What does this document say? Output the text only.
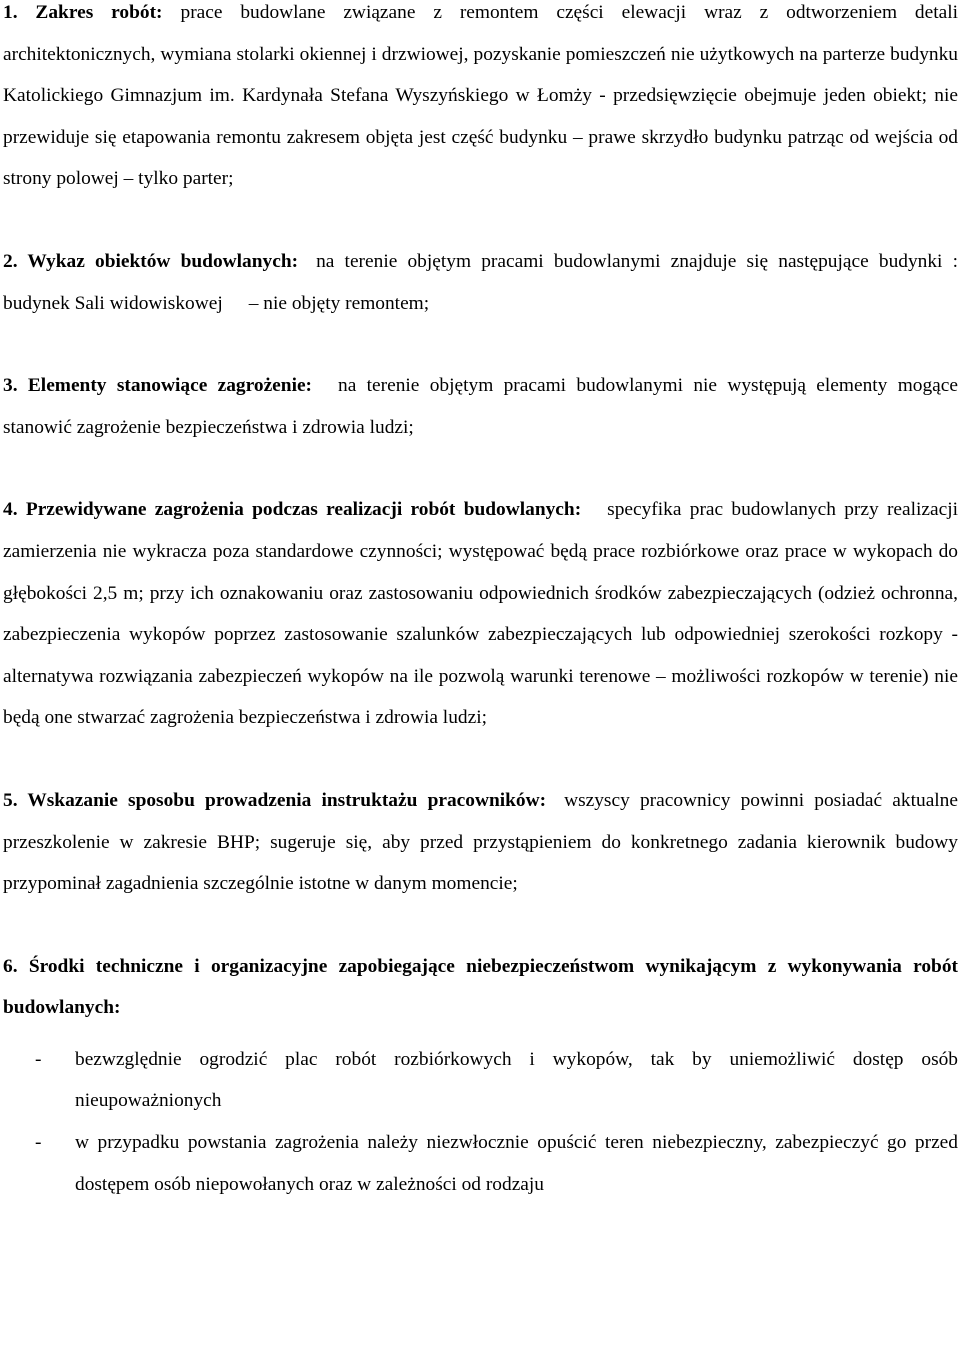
1. Zakres robót: prace budowlane związane z remontem części elewacji wraz z odtworzeniem detali architektonicznych, wymiana stolarki okiennej i drzwiowej, pozyskanie pomieszczeń nie użytkowych na parterze budynku Katolickiego Gimnazjum im. Kardynała Stefana Wyszyńskiego w Łomży - przedsięwzięcie obejmuje jeden obiekt; nie przewiduje się etapowania remontu zakresem objęta jest część budynku – prawe skrzydło budynku patrząc od wejścia od strony polowej – tylko parter;

2. Wykaz obiektów budowlanych: na terenie objętym pracami budowlanymi znajduje się następujące budynki : budynek Sali widowiskowej – nie objęty remontem;

3. Elementy stanowiące zagrożenie: na terenie objętym pracami budowlanymi nie występują elementy mogące stanowić zagrożenie bezpieczeństwa i zdrowia ludzi;

4. Przewidywane zagrożenia podczas realizacji robót budowlanych: specyfika prac budowlanych przy realizacji zamierzenia nie wykracza poza standardowe czynności; występować będą prace rozbiórkowe oraz prace w wykopach do głębokości 2,5 m; przy ich oznakowaniu oraz zastosowaniu odpowiednich środków zabezpieczających (odzież ochronna, zabezpieczenia wykopów poprzez zastosowanie szalunków zabezpieczających lub odpowiedniej szerokości rozkopy - alternatywa rozwiązania zabezpieczeń wykopów na ile pozwolą warunki terenowe – możliwości rozkopów w terenie) nie będą one stwarzać zagrożenia bezpieczeństwa i zdrowia ludzi;

5. Wskazanie sposobu prowadzenia instruktażu pracowników: wszyscy pracownicy powinni posiadać aktualne przeszkolenie w zakresie BHP; sugeruje się, aby przed przystąpieniem do konkretnego zadania kierownik budowy przypominał zagadnienia szczególnie istotne w danym momencie;

6. Środki techniczne i organizacyjne zapobiegające niebezpieczeństwom wynikającym z wykonywania robót budowlanych:

- bezwzględnie ogrodzić plac robót rozbiórkowych i wykopów, tak by uniemożliwić dostęp osób nieupoważnionych
- w przypadku powstania zagrożenia należy niezwłocznie opuścić teren niebezpieczny, zabezpieczyć go przed dostępem osób niepowołanych oraz w zależności od rodzaju
